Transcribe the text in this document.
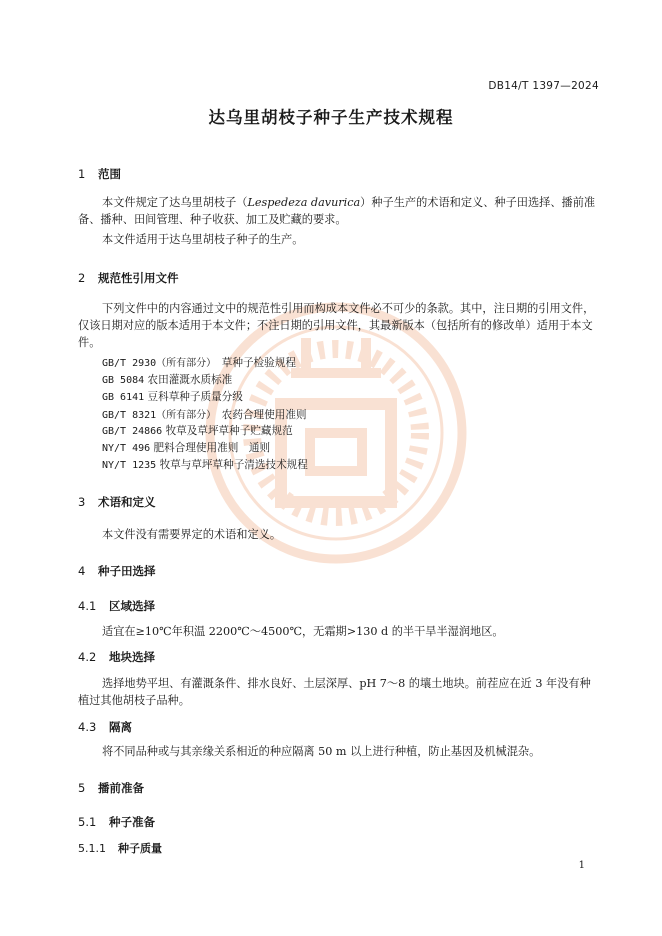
DB14/T 1397—2024
达乌里胡枝子种子生产技术规程
1 范围
本文件规定了达乌里胡枝子（Lespedeza davurica）种子生产的术语和定义、种子田选择、播前准备、播种、田间管理、种子收获、加工及贮藏的要求。
本文件适用于达乌里胡枝子种子的生产。
2 规范性引用文件
下列文件中的内容通过文中的规范性引用而构成本文件必不可少的条款。其中，注日期的引用文件，仅该日期对应的版本适用于本文件；不注日期的引用文件，其最新版本（包括所有的修改单）适用于本文件。
GB/T 2930（所有部分）　 草种子检验规程
GB 5084 农田灌溉水质标准
GB 6141 豆科草种子质量分级
GB/T 8321（所有部分）　 农药合理使用准则
GB/T 24866 牧草及草坪草种子贮藏规范
NY/T 496 肥料合理使用准则　通则
NY/T 1235 牧草与草坪草种子清选技术规程
3 术语和定义
本文件没有需要界定的术语和定义。
4 种子田选择
4.1 区域选择
适宜在≥10℃年积温 2200℃～4500℃，无霜期>130 d 的半干旱半湿润地区。
4.2 地块选择
选择地势平坦、有灌溉条件、排水良好、土层深厚、pH 7～8 的壤土地块。前茬应在近 3 年没有种植过其他胡枝子品种。
4.3 隔离
将不同品种或与其亲缘关系相近的种应隔离 50 m 以上进行种植，防止基因及机械混杂。
5 播前准备
5.1 种子准备
5.1.1 种子质量
1
